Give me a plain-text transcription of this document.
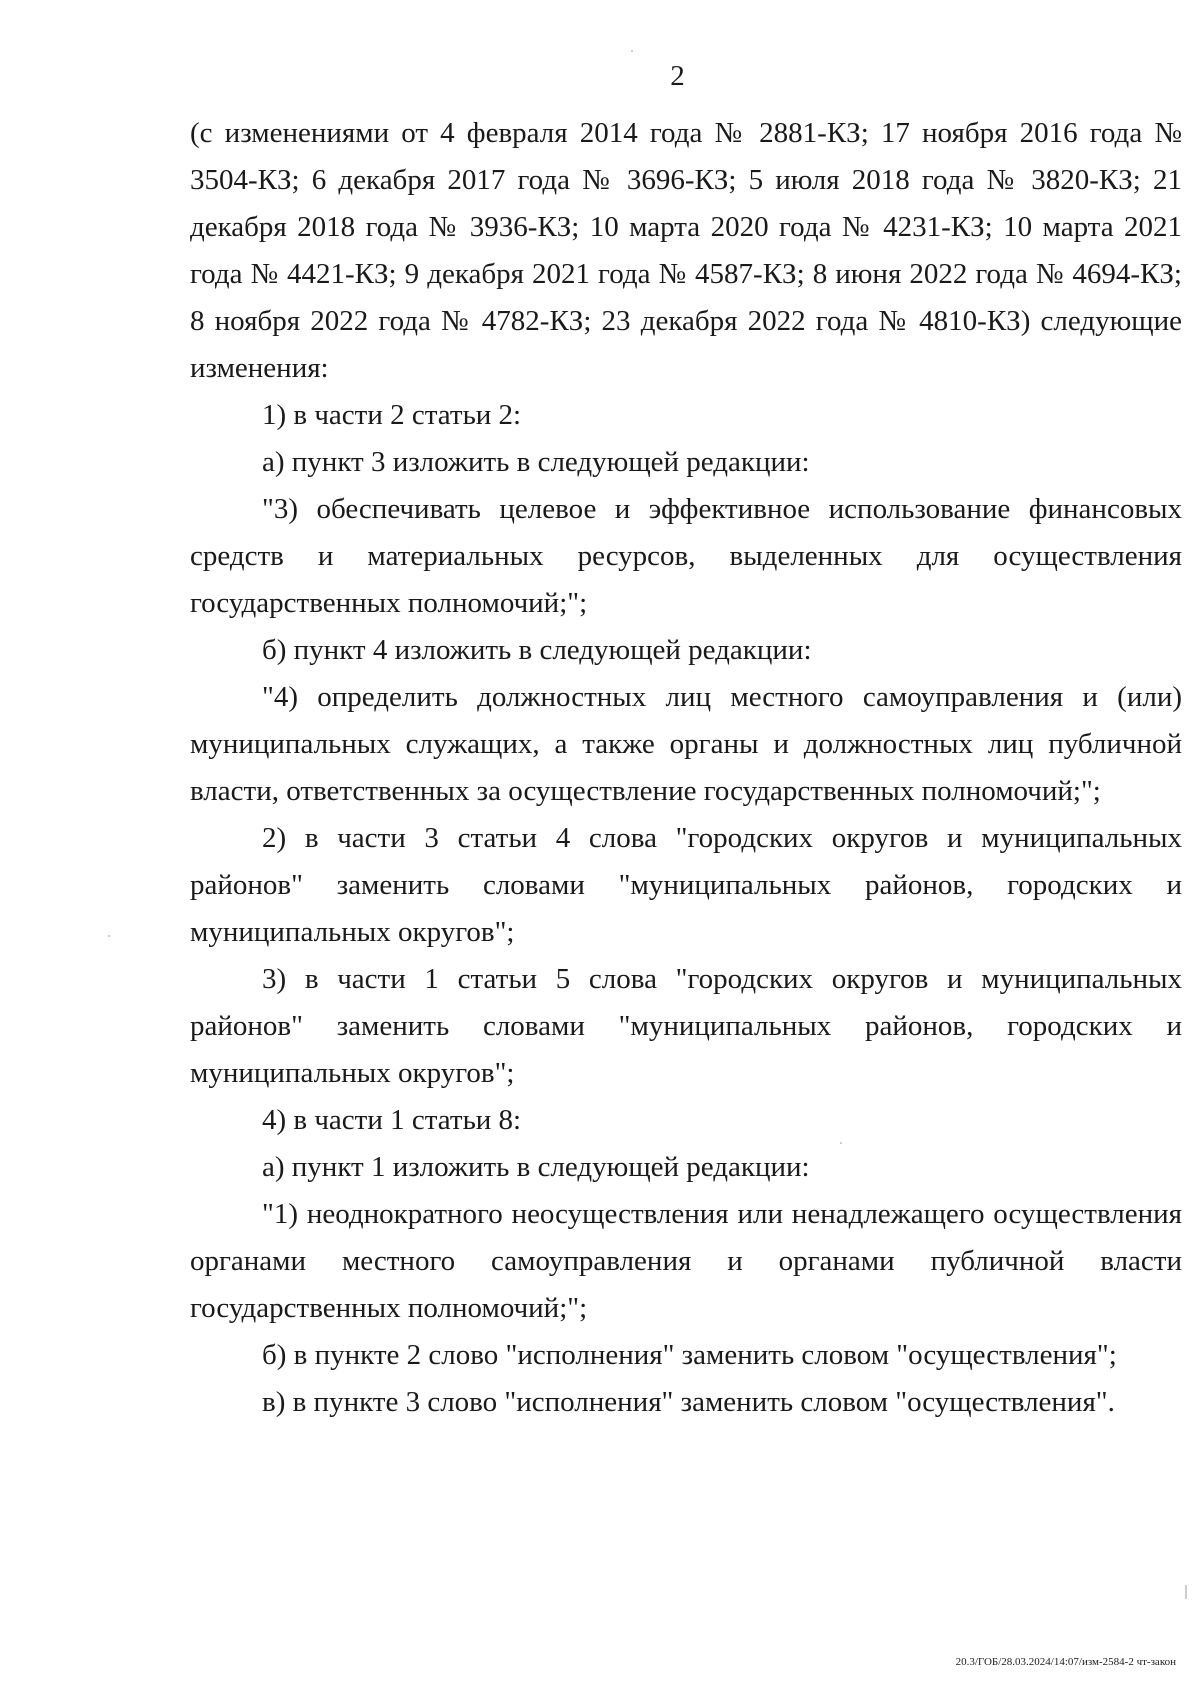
2

(с изменениями от 4 февраля 2014 года № 2881-КЗ; 17 ноября 2016 года № 3504-КЗ; 6 декабря 2017 года № 3696-КЗ; 5 июля 2018 года № 3820-КЗ; 21 декабря 2018 года № 3936-КЗ; 10 марта 2020 года № 4231-КЗ; 10 марта 2021 года № 4421-КЗ; 9 декабря 2021 года № 4587-КЗ; 8 июня 2022 года № 4694-КЗ; 8 ноября 2022 года № 4782-КЗ; 23 декабря 2022 года № 4810-КЗ) следующие изменения:

1) в части 2 статьи 2:

а) пункт 3 изложить в следующей редакции:

"3) обеспечивать целевое и эффективное использование финансовых средств и материальных ресурсов, выделенных для осуществления государственных полномочий;";

б) пункт 4 изложить в следующей редакции:

"4) определить должностных лиц местного самоуправления и (или) муниципальных служащих, а также органы и должностных лиц публичной власти, ответственных за осуществление государственных полномочий;";

2) в части 3 статьи 4 слова "городских округов и муниципальных районов" заменить словами "муниципальных районов, городских и муниципальных округов";

3) в части 1 статьи 5 слова "городских округов и муниципальных районов" заменить словами "муниципальных районов, городских и муниципальных округов";

4) в части 1 статьи 8:

а) пункт 1 изложить в следующей редакции:

"1) неоднократного неосуществления или ненадлежащего осуществления органами местного самоуправления и органами публичной власти государственных полномочий;";

б) в пункте 2 слово "исполнения" заменить словом "осуществления";

в) в пункте 3 слово "исполнения" заменить словом "осуществления".

20.3/ГОБ/28.03.2024/14:07/изм-2584-2 чт-закон
